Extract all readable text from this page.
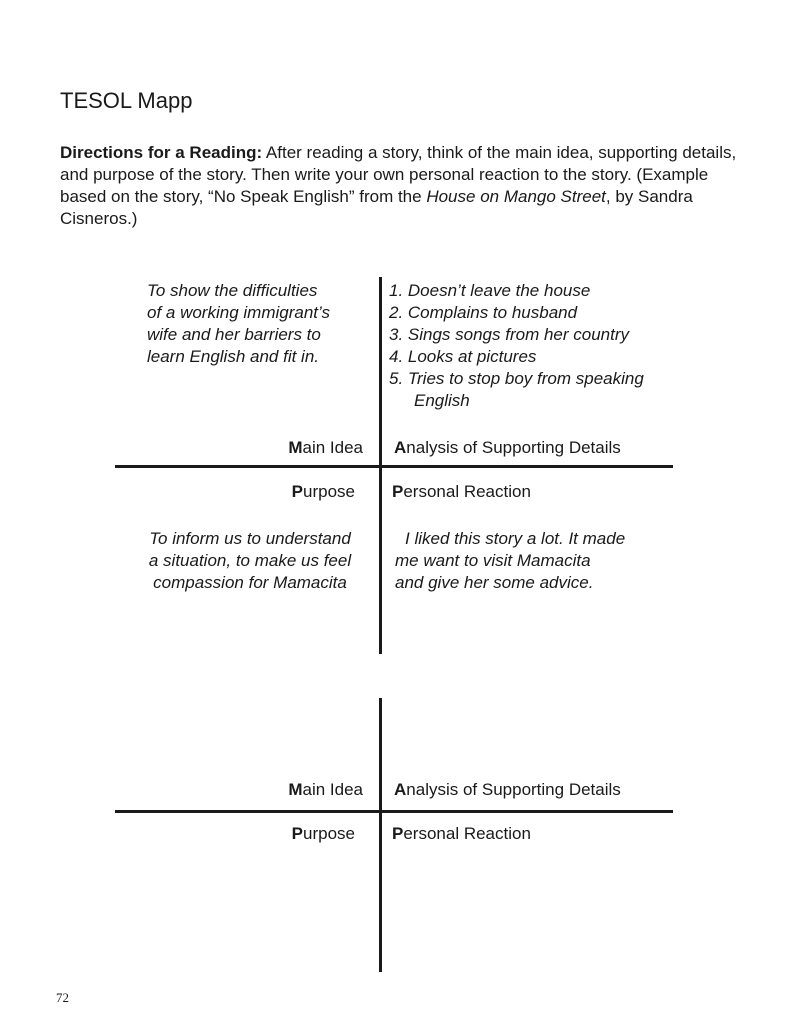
TESOL Mapp
Directions for a Reading: After reading a story, think of the main idea, supporting details, and purpose of the story. Then write your own personal reaction to the story. (Example based on the story, “No Speak English” from the House on Mango Street, by Sandra Cisneros.)
To show the difficulties
of a working immigrant’s
wife and her barriers to
learn English and fit in.
1. Doesn’t leave the house
2. Complains to husband
3. Sings songs from her country
4. Looks at pictures
5. Tries to stop boy from speaking
English
Main Idea Analysis of Supporting Details
Purpose Personal Reaction
To inform us to understand
a situation, to make us feel
compassion for Mamacita
I liked this story a lot. It made
me want to visit Mamacita
and give her some advice.
Main Idea Analysis of Supporting Details
Purpose Personal Reaction
72
